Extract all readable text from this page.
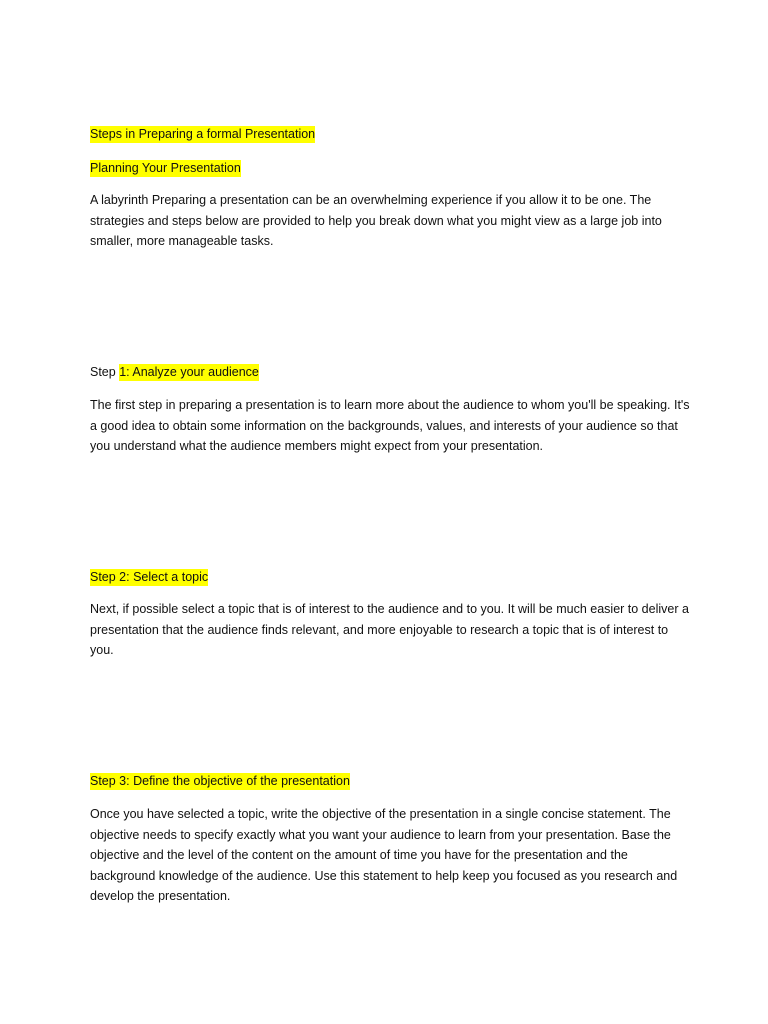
Steps in Preparing a formal Presentation

Planning Your Presentation

A labyrinth Preparing a presentation can be an overwhelming experience if you allow it to be one. The strategies and steps below are provided to help you break down what you might view as a large job into smaller, more manageable tasks.

Step 1: Analyze your audience

The first step in preparing a presentation is to learn more about the audience to whom you'll be speaking. It's a good idea to obtain some information on the backgrounds, values, and interests of your audience so that you understand what the audience members might expect from your presentation.

Step 2: Select a topic

Next, if possible select a topic that is of interest to the audience and to you. It will be much easier to deliver a presentation that the audience finds relevant, and more enjoyable to research a topic that is of interest to you.

Step 3: Define the objective of the presentation

Once you have selected a topic, write the objective of the presentation in a single concise statement. The objective needs to specify exactly what you want your audience to learn from your presentation. Base the objective and the level of the content on the amount of time you have for the presentation and the background knowledge of the audience. Use this statement to help keep you focused as you research and develop the presentation.
